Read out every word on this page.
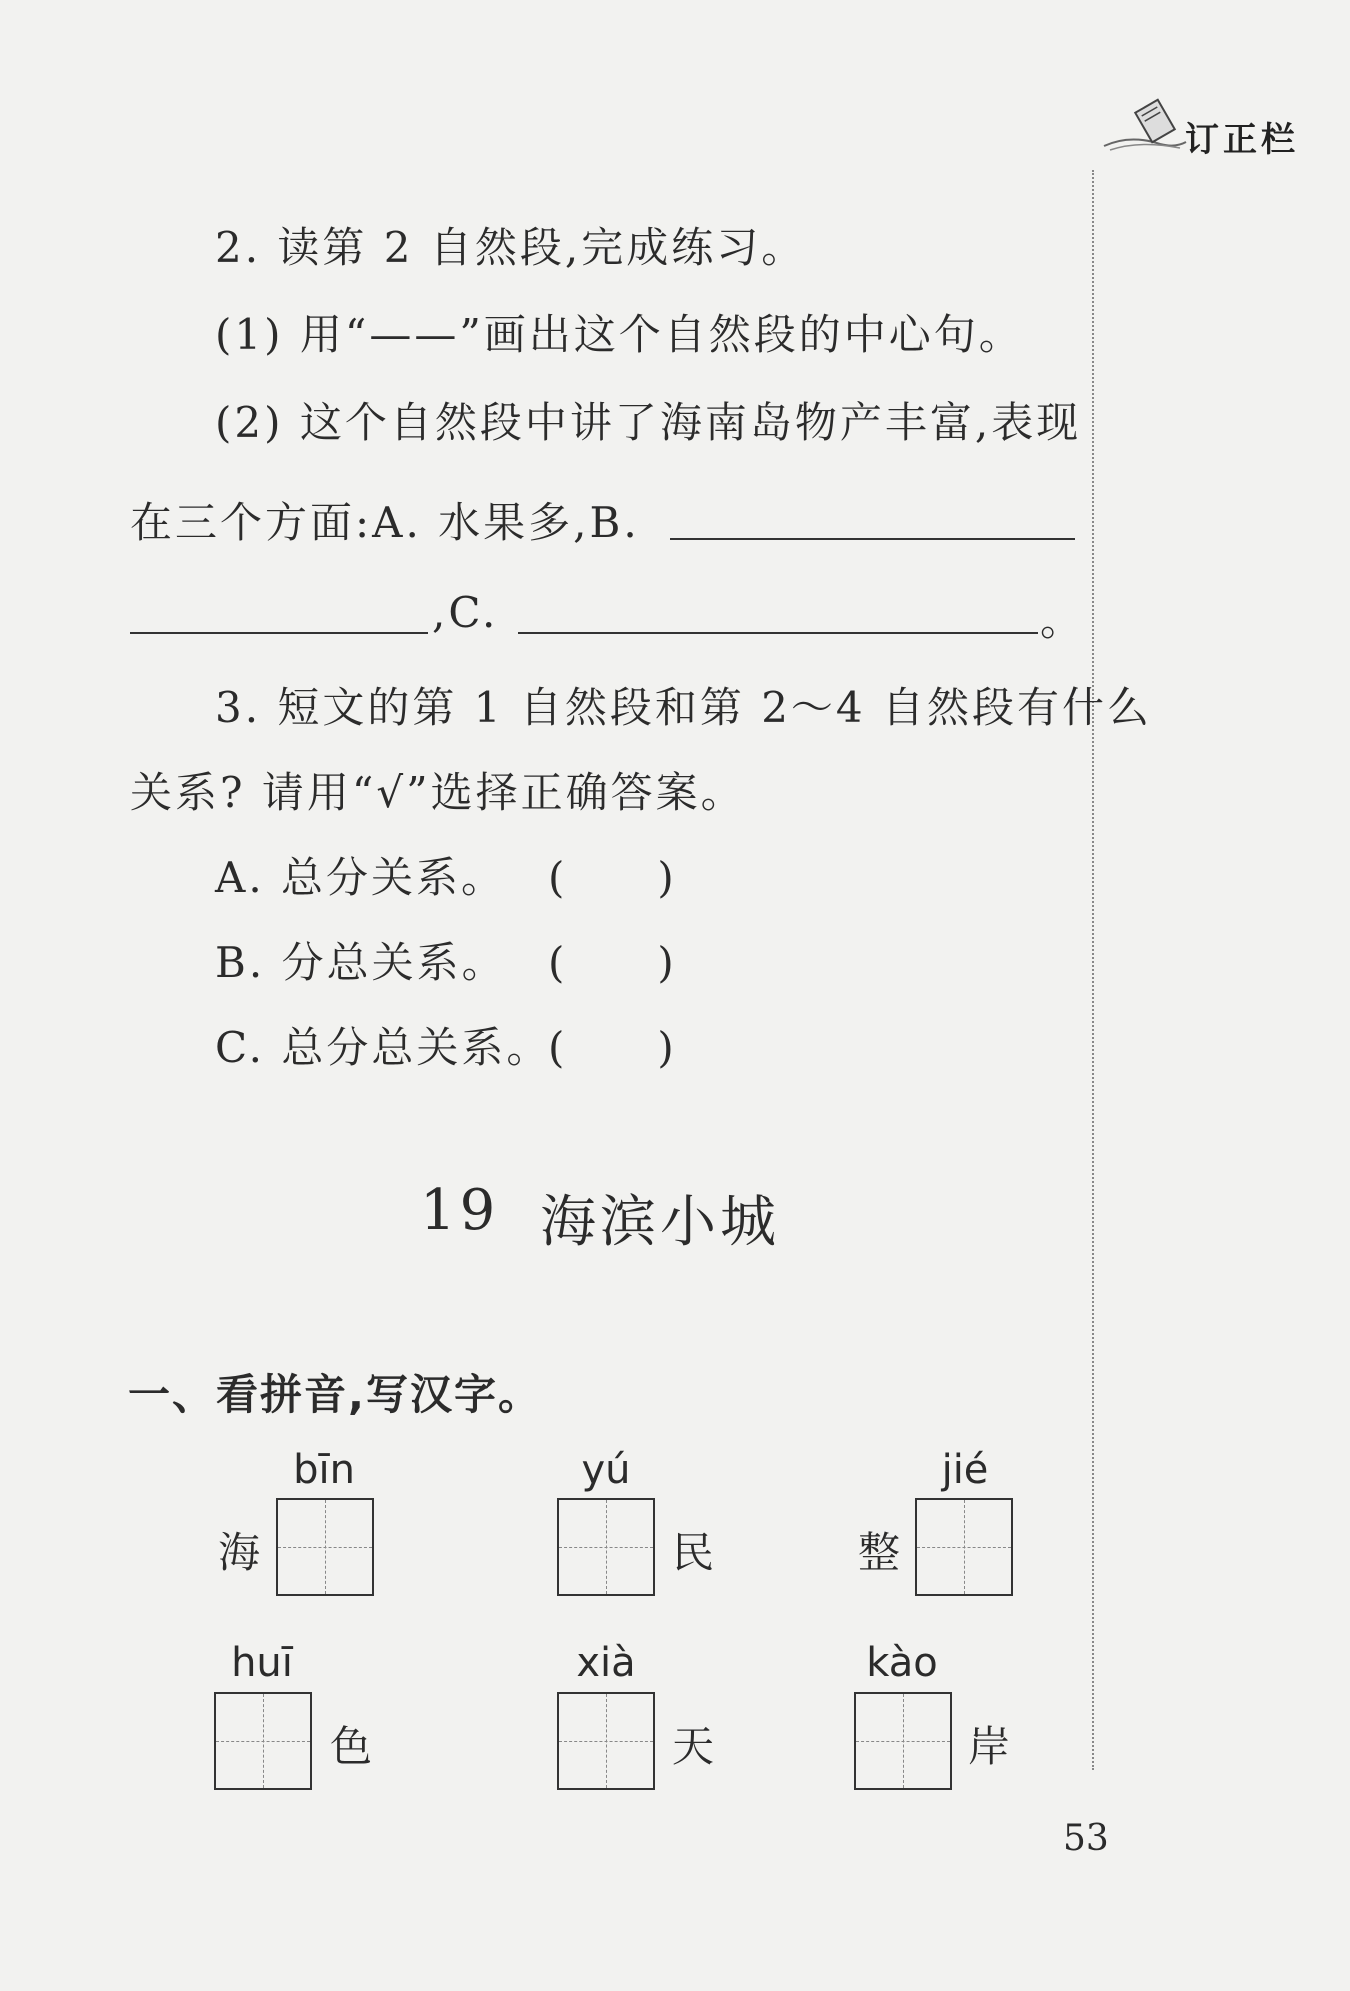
订正栏
2. 读第 2 自然段,完成练习。
(1) 用“——”画出这个自然段的中心句。
(2) 这个自然段中讲了海南岛物产丰富,表现
在三个方面:A. 水果多,B.
,C.	。
3. 短文的第 1 自然段和第 2～4 自然段有什么
关系? 请用“√”选择正确答案。
A. 总分关系。 (　　)
B. 分总关系。 (　　)
C. 总分总关系。
(　　)
19 海滨小城
一、看拼音,写汉字。
bīn
海
yú
民
jié
整
huī
色
xià
天
kào
岸
53
